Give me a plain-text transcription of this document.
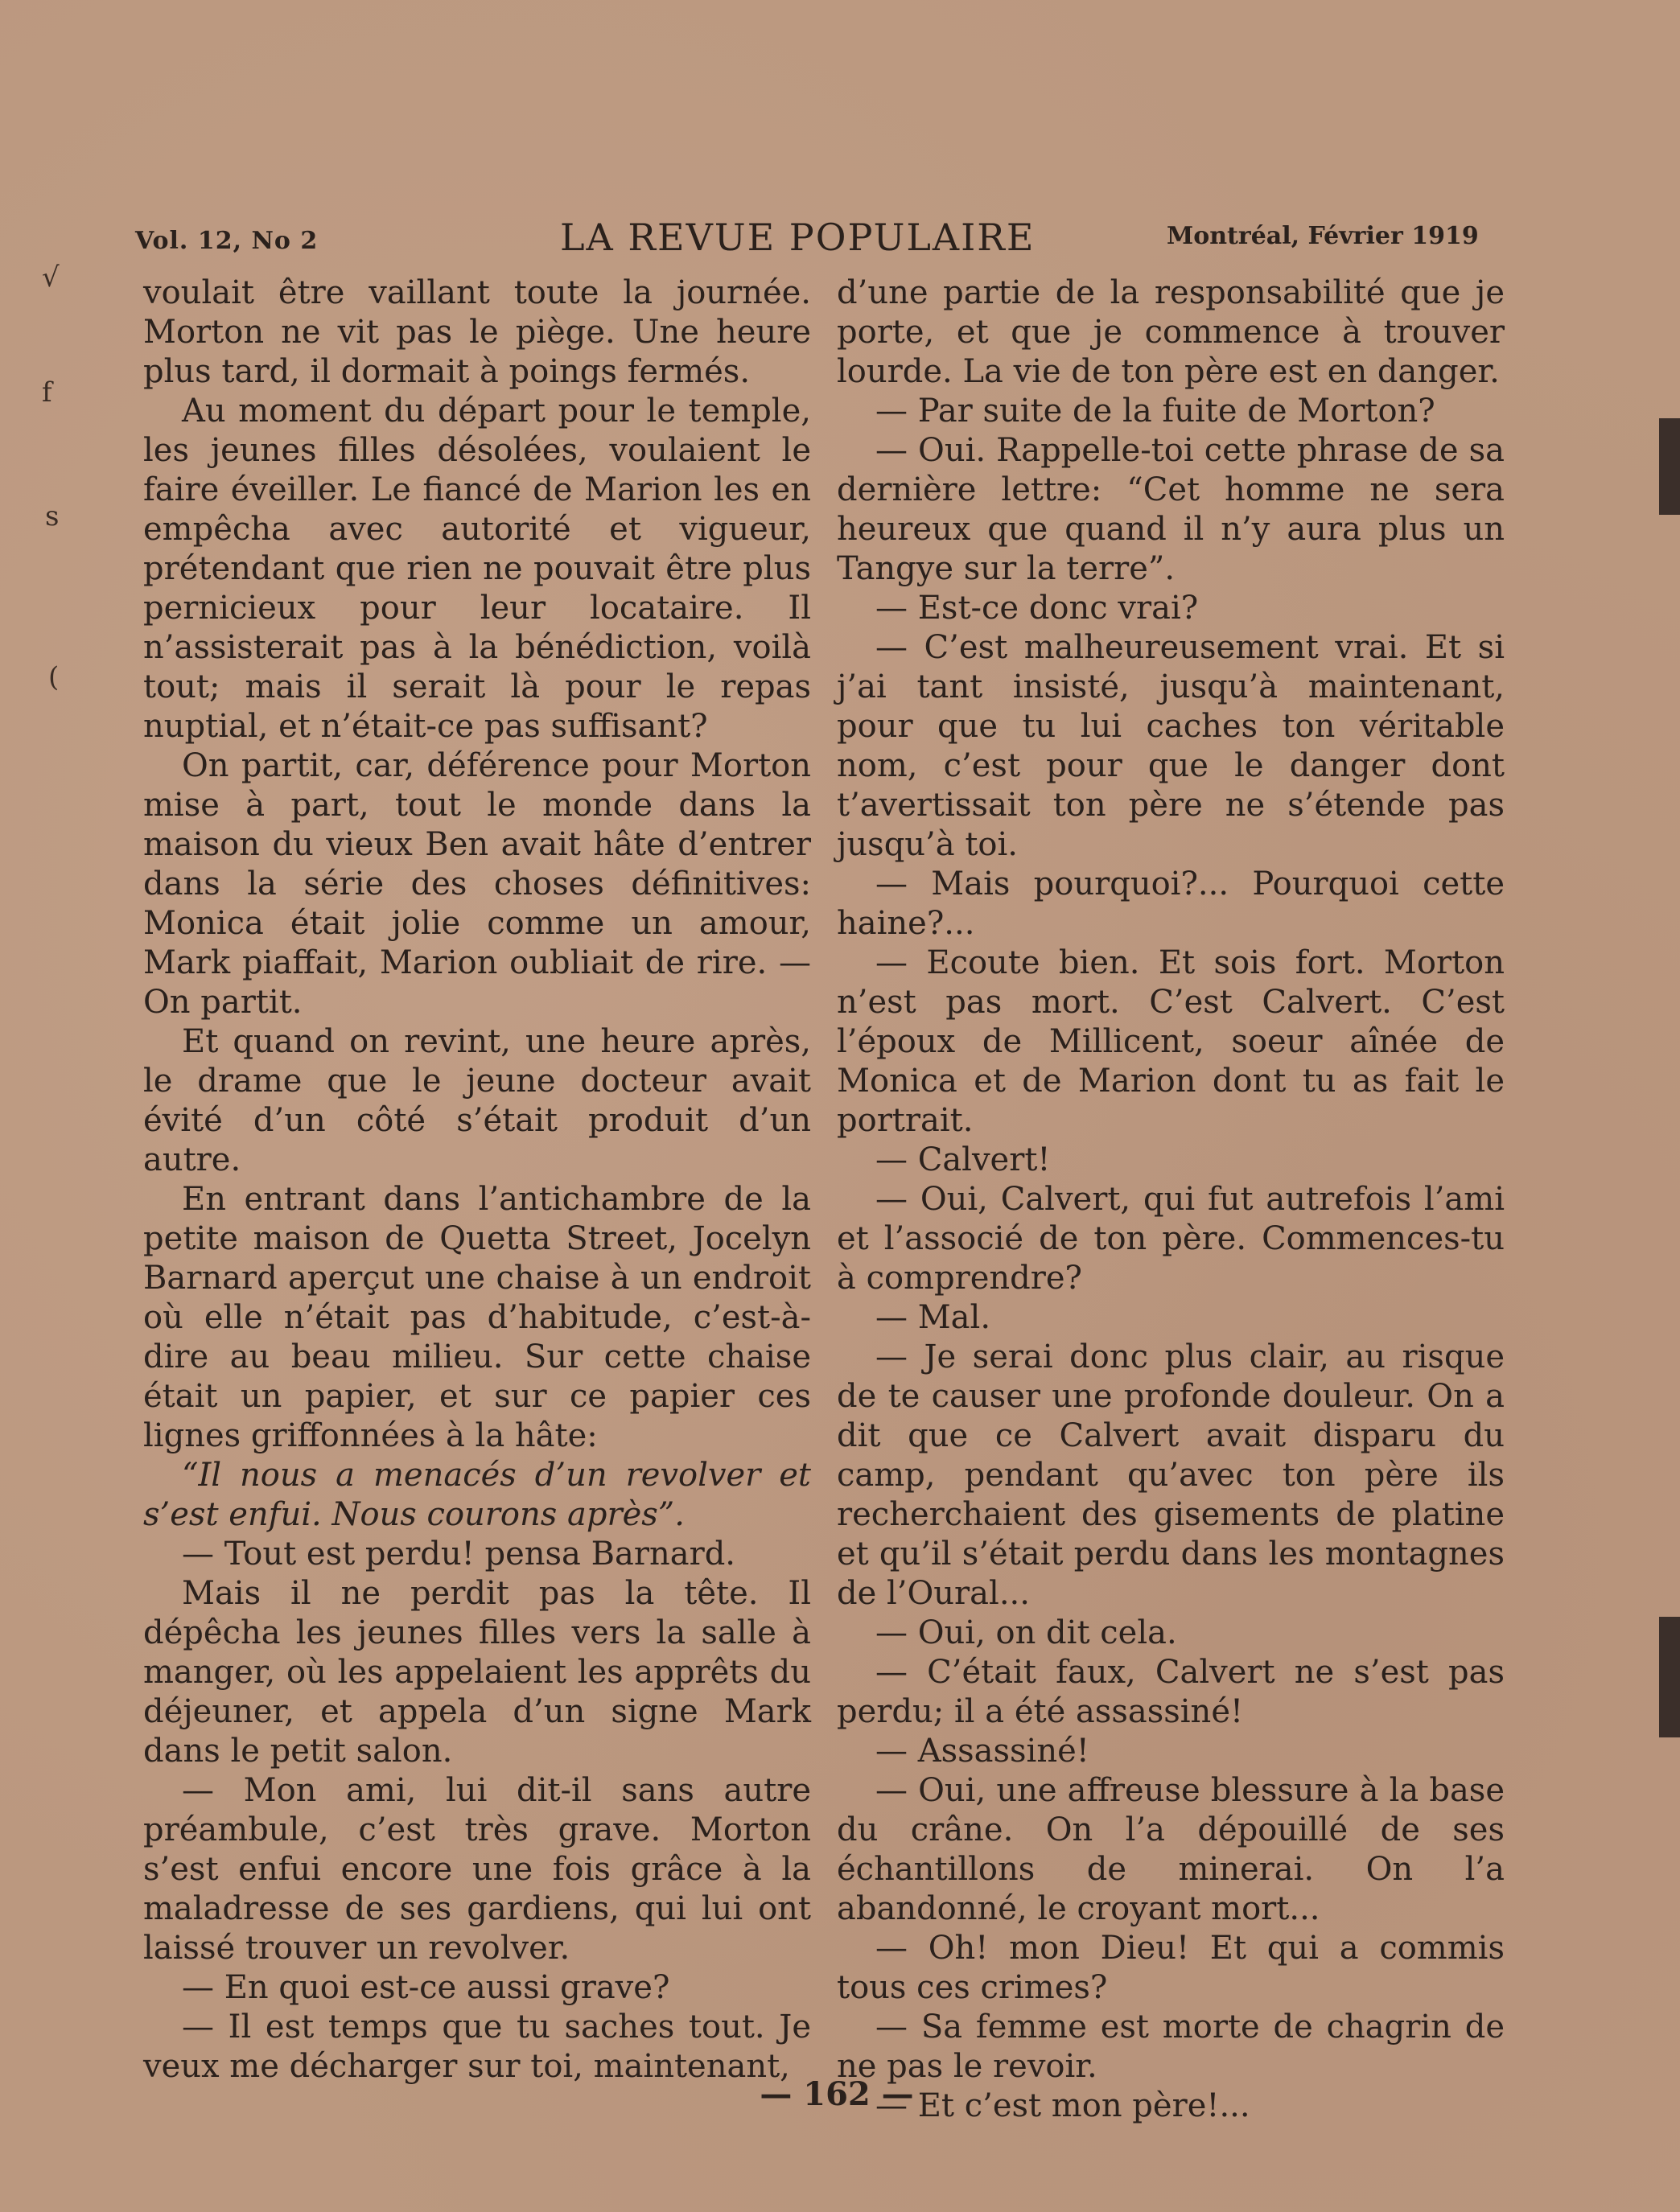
√
f
s
(
Vol. 12, No 2	LA REVUE POPULAIRE	Montréal, Février 1919

voulait être vaillant toute la journée. Morton ne vit pas le piège. Une heure plus tard, il dormait à poings fermés.

Au moment du départ pour le temple, les jeunes filles désolées, voulaient le faire éveiller. Le fiancé de Marion les en empêcha avec autorité et vigueur, prétendant que rien ne pouvait être plus pernicieux pour leur locataire. Il n’assisterait pas à la bénédiction, voilà tout; mais il serait là pour le repas nuptial, et n’était-ce pas suffisant?

On partit, car, déférence pour Morton mise à part, tout le monde dans la maison du vieux Ben avait hâte d’entrer dans la série des choses définitives: Monica était jolie comme un amour, Mark piaffait, Marion oubliait de rire. — On partit.

Et quand on revint, une heure après, le drame que le jeune docteur avait évité d’un côté s’était produit d’un autre.

En entrant dans l’antichambre de la petite maison de Quetta Street, Jocelyn Barnard aperçut une chaise à un endroit où elle n’était pas d’habitude, c’est-à-dire au beau milieu. Sur cette chaise était un papier, et sur ce papier ces lignes griffonnées à la hâte:

“Il nous a menacés d’un revolver et s’est enfui. Nous courons après”.

— Tout est perdu! pensa Barnard.

Mais il ne perdit pas la tête. Il dépêcha les jeunes filles vers la salle à manger, où les appelaient les apprêts du déjeuner, et appela d’un signe Mark dans le petit salon.

— Mon ami, lui dit-il sans autre préambule, c’est très grave. Morton s’est enfui encore une fois grâce à la maladresse de ses gardiens, qui lui ont laissé trouver un revolver.

— En quoi est-ce aussi grave?

— Il est temps que tu saches tout. Je veux me décharger sur toi, maintenant,

d’une partie de la responsabilité que je porte, et que je commence à trouver lourde. La vie de ton père est en danger.

— Par suite de la fuite de Morton?

— Oui. Rappelle-toi cette phrase de sa dernière lettre: “Cet homme ne sera heureux que quand il n’y aura plus un Tangye sur la terre”.

— Est-ce donc vrai?

— C’est malheureusement vrai. Et si j’ai tant insisté, jusqu’à maintenant, pour que tu lui caches ton véritable nom, c’est pour que le danger dont t’avertissait ton père ne s’étende pas jusqu’à toi.

— Mais pourquoi?... Pourquoi cette haine?...

— Ecoute bien. Et sois fort. Morton n’est pas mort. C’est Calvert. C’est l’époux de Millicent, soeur aînée de Monica et de Marion dont tu as fait le portrait.

— Calvert!

— Oui, Calvert, qui fut autrefois l’ami et l’associé de ton père. Commences-tu à comprendre?

— Mal.

— Je serai donc plus clair, au risque de te causer une profonde douleur. On a dit que ce Calvert avait disparu du camp, pendant qu’avec ton père ils recherchaient des gisements de platine et qu’il s’était perdu dans les montagnes de l’Oural...

— Oui, on dit cela.

— C’était faux, Calvert ne s’est pas perdu; il a été assassiné!

— Assassiné!

— Oui, une affreuse blessure à la base du crâne. On l’a dépouillé de ses échantillons de minerai. On l’a abandonné, le croyant mort...

— Oh! mon Dieu! Et qui a commis tous ces crimes?

— Sa femme est morte de chagrin de ne pas le revoir.

— Et c’est mon père!...

— 162 —
